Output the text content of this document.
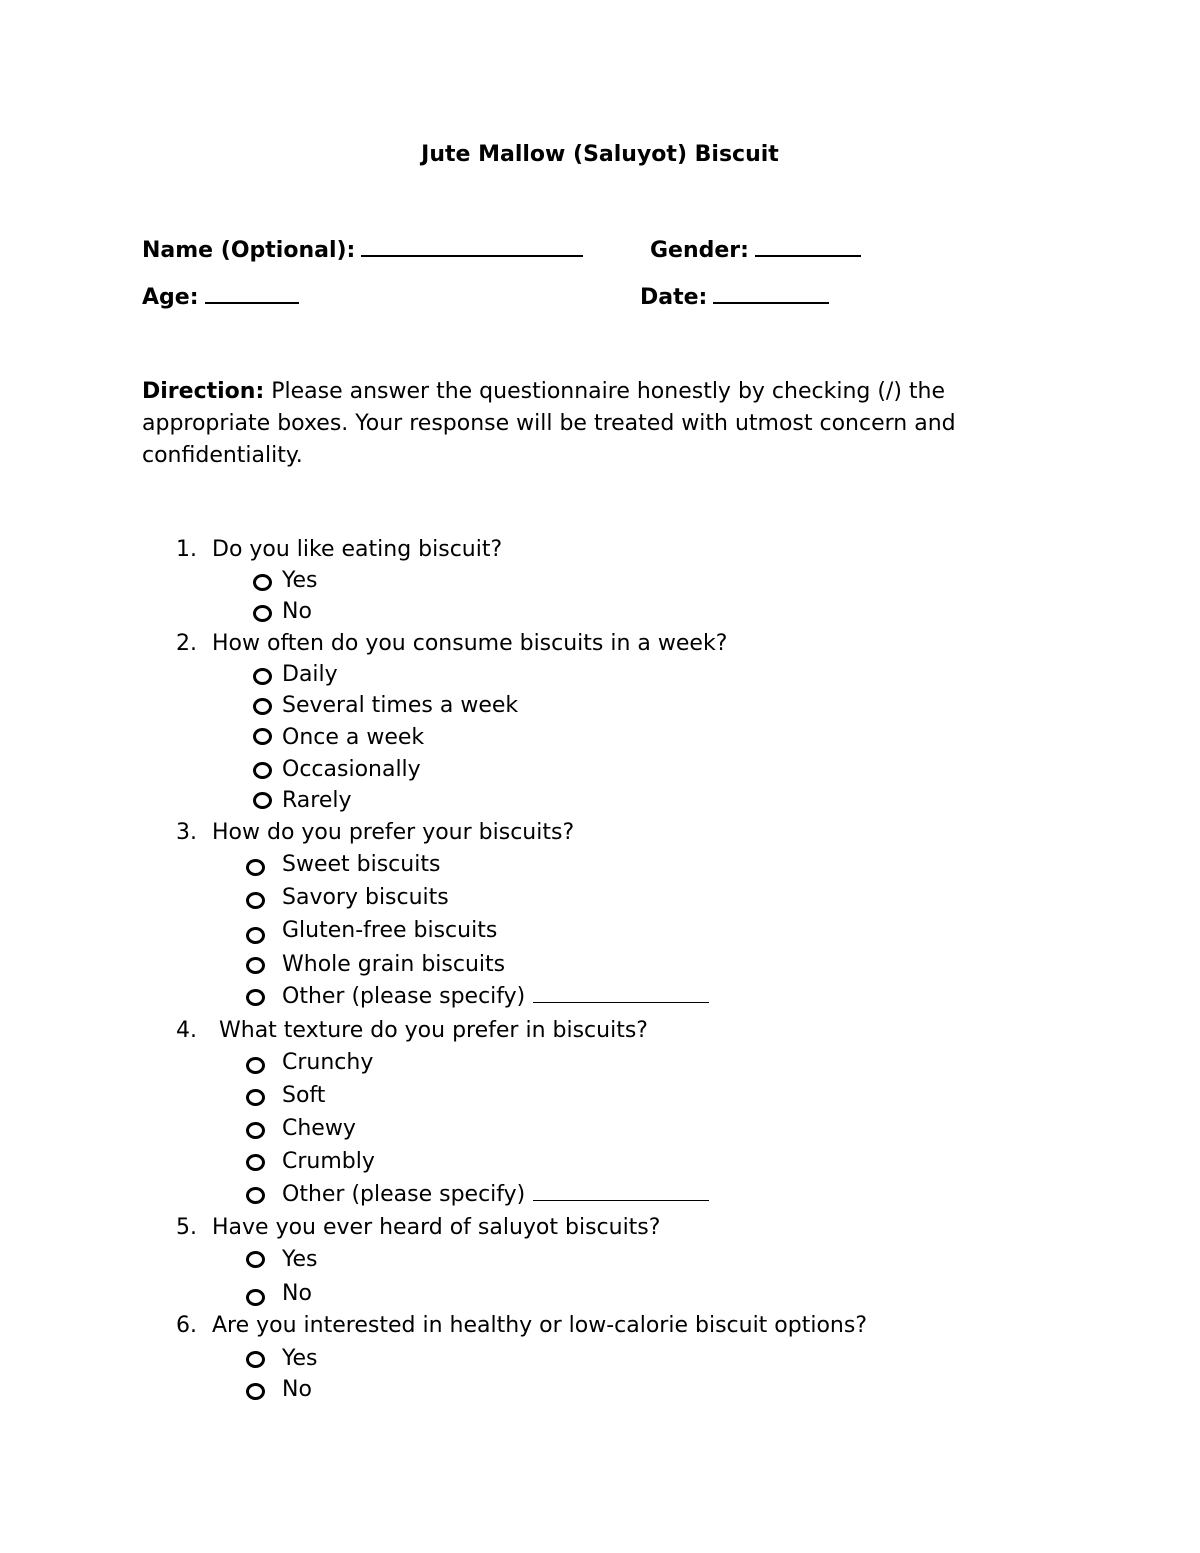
Jute Mallow (Saluyot) Biscuit
Name (Optional):	Gender:
Age:	Date:
Direction: Please answer the questionnaire honestly by checking (/) the appropriate boxes. Your response will be treated with utmost concern and confidentiality.
1. Do you like eating biscuit?
Yes
No
2. How often do you consume biscuits in a week?
Daily
Several times a week
Once a week
Occasionally
Rarely
3. How do you prefer your biscuits?
Sweet biscuits
Savory biscuits
Gluten-free biscuits
Whole grain biscuits
Other (please specify)
4. What texture do you prefer in biscuits?
Crunchy
Soft
Chewy
Crumbly
Other (please specify)
5. Have you ever heard of saluyot biscuits?
Yes
No
6. Are you interested in healthy or low-calorie biscuit options?
Yes
No
